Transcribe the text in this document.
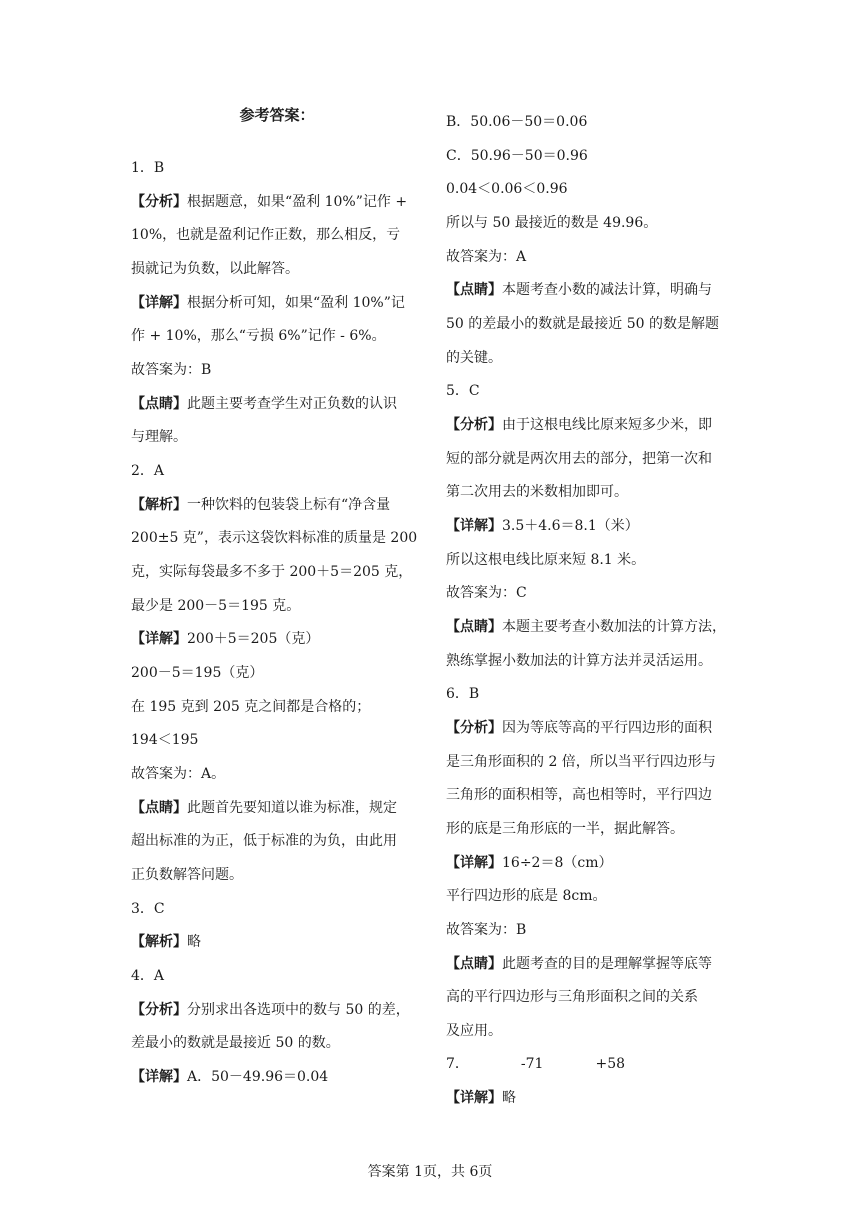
参考答案：
1．B
【分析】根据题意，如果“盈利 10%”记作 +
10%，也就是盈利记作正数，那么相反，亏
损就记为负数，以此解答。
【详解】根据分析可知，如果“盈利 10%”记
作 + 10%，那么“亏损 6%”记作 - 6%。
故答案为：B
【点睛】此题主要考查学生对正负数的认识
与理解。
2．A
【解析】一种饮料的包装袋上标有“净含量
200±5 克”，表示这袋饮料标准的质量是 200
克，实际每袋最多不多于 200＋5＝205 克，
最少是 200－5＝195 克。
【详解】200＋5＝205（克）
200－5＝195（克）
在 195 克到 205 克之间都是合格的；
194＜195
故答案为：A。
【点睛】此题首先要知道以谁为标准，规定
超出标准的为正，低于标准的为负，由此用
正负数解答问题。
3．C
【解析】略
4．A
【分析】分别求出各选项中的数与 50 的差，
差最小的数就是最接近 50 的数。
【详解】A．50－49.96＝0.04
B．50.06－50＝0.06
C．50.96－50＝0.96
0.04＜0.06＜0.96
所以与 50 最接近的数是 49.96。
故答案为：A
【点睛】本题考查小数的减法计算，明确与
50 的差最小的数就是最接近 50 的数是解题
的关键。
5．C
【分析】由于这根电线比原来短多少米，即
短的部分就是两次用去的部分，把第一次和
第二次用去的米数相加即可。
【详解】3.5＋4.6＝8.1（米）
所以这根电线比原来短 8.1 米。
故答案为：C
【点睛】本题主要考查小数加法的计算方法，
熟练掌握小数加法的计算方法并灵活运用。
6．B
【分析】因为等底等高的平行四边形的面积
是三角形面积的 2 倍，所以当平行四边形与
三角形的面积相等，高也相等时，平行四边
形的底是三角形底的一半，据此解答。
【详解】16÷2＝8（cm）
平行四边形的底是 8cm。
故答案为：B
【点睛】此题考查的目的是理解掌握等底等
高的平行四边形与三角形面积之间的关系
及应用。
7．	-71	+58
【详解】略
答案第 1页，共 6页
